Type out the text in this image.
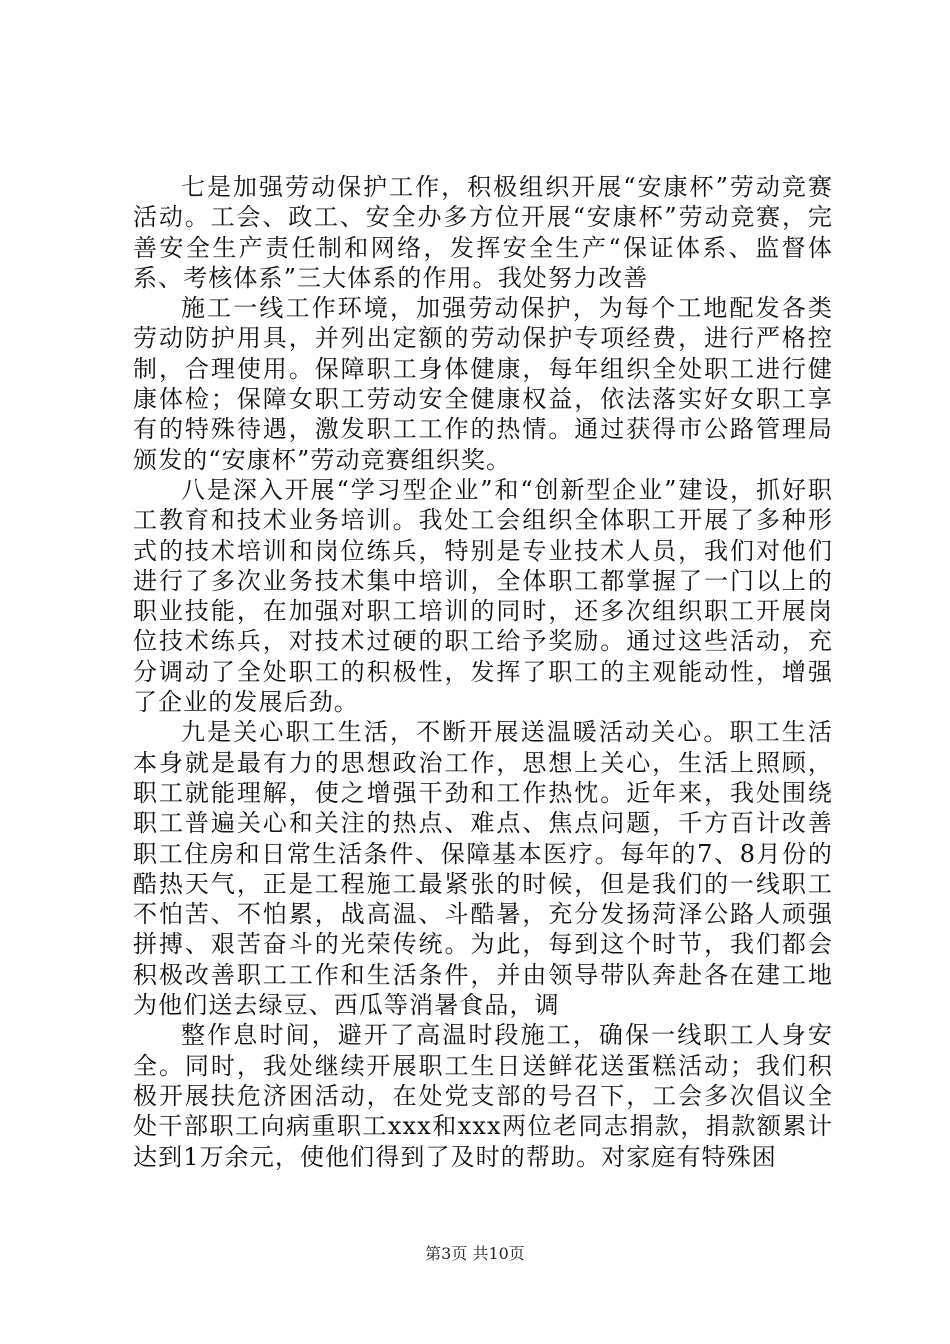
七是加强劳动保护工作，积极组织开展“安康杯”劳动竞赛活动。工会、政工、安全办多方位开展“安康杯”劳动竞赛，完善安全生产责任制和网络，发挥安全生产“保证体系、监督体系、考核体系”三大体系的作用。我处努力改善

施工一线工作环境，加强劳动保护，为每个工地配发各类劳动防护用具，并列出定额的劳动保护专项经费，进行严格控制，合理使用。保障职工身体健康，每年组织全处职工进行健康体检；保障女职工劳动安全健康权益，依法落实好女职工享有的特殊待遇，激发职工工作的热情。通过获得市公路管理局颁发的“安康杯”劳动竞赛组织奖。

八是深入开展“学习型企业”和“创新型企业”建设，抓好职工教育和技术业务培训。我处工会组织全体职工开展了多种形式的技术培训和岗位练兵，特别是专业技术人员，我们对他们进行了多次业务技术集中培训，全体职工都掌握了一门以上的职业技能，在加强对职工培训的同时，还多次组织职工开展岗位技术练兵，对技术过硬的职工给予奖励。通过这些活动，充分调动了全处职工的积极性，发挥了职工的主观能动性，增强了企业的发展后劲。

九是关心职工生活，不断开展送温暖活动关心。职工生活本身就是最有力的思想政治工作，思想上关心，生活上照顾，职工就能理解，使之增强干劲和工作热忱。近年来，我处围绕职工普遍关心和关注的热点、难点、焦点问题，千方百计改善职工住房和日常生活条件、保障基本医疗。每年的7、8月份的酷热天气，正是工程施工最紧张的时候，但是我们的一线职工不怕苦、不怕累，战高温、斗酷暑，充分发扬菏泽公路人顽强拼搏、艰苦奋斗的光荣传统。为此，每到这个时节，我们都会积极改善职工工作和生活条件，并由领导带队奔赴各在建工地为他们送去绿豆、西瓜等消暑食品，调

整作息时间，避开了高温时段施工，确保一线职工人身安全。同时，我处继续开展职工生日送鲜花送蛋糕活动；我们积极开展扶危济困活动，在处党支部的号召下，工会多次倡议全处干部职工向病重职工xxx和xxx两位老同志捐款，捐款额累计达到1万余元，使他们得到了及时的帮助。对家庭有特殊困

第3页 共10页
